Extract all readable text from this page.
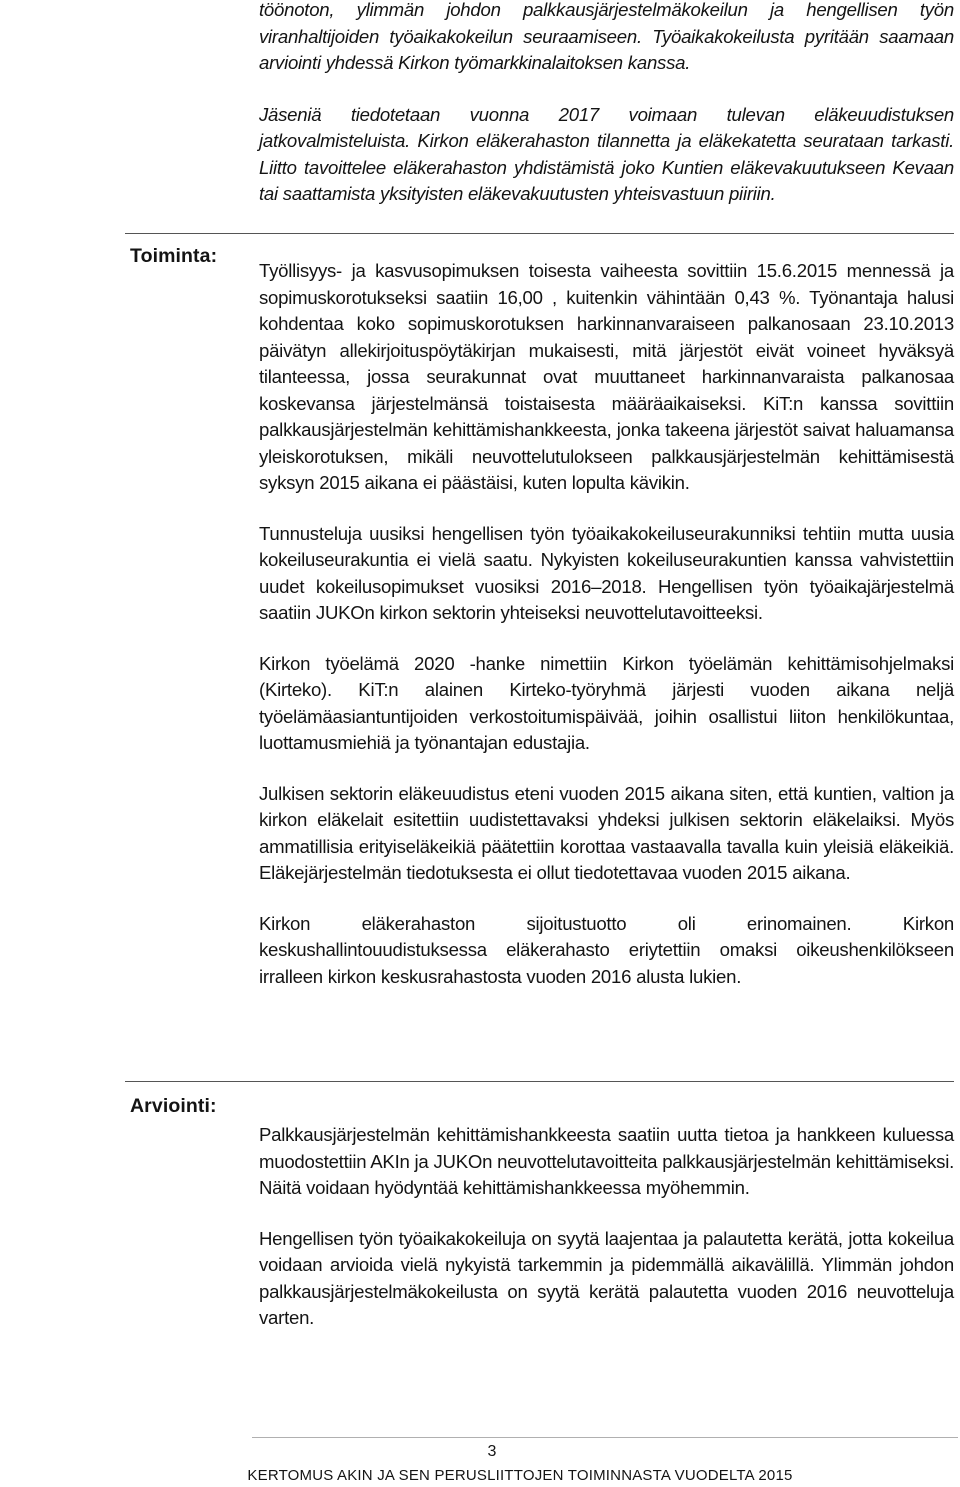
töönoton, ylimmän johdon palkkausjärjestelmäkokeilun ja hengellisen työn viranhaltijoiden työaikakokeilun seuraamiseen. Työaikakokeilusta pyritään saamaan arviointi yhdessä Kirkon työmarkkinalaitoksen kanssa.

Jäseniä tiedotetaan vuonna 2017 voimaan tulevan eläkeuudistuksen jatkovalmisteluista. Kirkon eläkerahaston tilannetta ja eläkekatetta seurataan tarkasti. Liitto tavoittelee eläkerahaston yhdistämistä joko Kuntien eläkevakuutukseen Kevaan tai saattamista yksityisten eläkevakuutusten yhteisvastuun piiriin.

Toiminta:

Työllisyys- ja kasvusopimuksen toisesta vaiheesta sovittiin 15.6.2015 mennessä ja sopimuskorotukseksi saatiin 16,00 , kuitenkin vähintään 0,43 %. Työnantaja halusi kohdentaa koko sopimuskorotuksen harkinnanvaraiseen palkanosaan 23.10.2013 päivätyn allekirjoituspöytäkirjan mukaisesti, mitä järjestöt eivät voineet hyväksyä tilanteessa, jossa seurakunnat ovat muuttaneet harkinnanvaraista palkanosaa koskevansa järjestelmänsä toistaisesta määräaikaiseksi. KiT:n kanssa sovittiin palkkausjärjestelmän kehittämishankkeesta, jonka takeena järjestöt saivat haluamansa yleiskorotuksen, mikäli neuvottelutulokseen palkkausjärjestelmän kehittämisestä syksyn 2015 aikana ei päästäisi, kuten lopulta kävikin.

Tunnusteluja uusiksi hengellisen työn työaikakokeiluseurakunniksi tehtiin mutta uusia kokeiluseurakuntia ei vielä saatu. Nykyisten kokeiluseurakuntien kanssa vahvistettiin uudet kokeilusopimukset vuosiksi 2016–2018. Hengellisen työn työaikajärjestelmä saatiin JUKOn kirkon sektorin yhteiseksi neuvottelutavoitteeksi.

Kirkon työelämä 2020 -hanke nimettiin Kirkon työelämän kehittämisohjelmaksi (Kirteko). KiT:n alainen Kirteko-työryhmä järjesti vuoden aikana neljä työelämäasiantuntijoiden verkostoitumispäivää, joihin osallistui liiton henkilökuntaa, luottamusmiehiä ja työnantajan edustajia.

Julkisen sektorin eläkeuudistus eteni vuoden 2015 aikana siten, että kuntien, valtion ja kirkon eläkelait esitettiin uudistettavaksi yhdeksi julkisen sektorin eläkelaiksi. Myös ammatillisia erityiseläkeikiä päätettiin korottaa vastaavalla tavalla kuin yleisiä eläkeikiä. Eläkejärjestelmän tiedotuksesta ei ollut tiedotettavaa vuoden 2015 aikana.

Kirkon eläkerahaston sijoitustuotto oli erinomainen. Kirkon keskushallintouudistuksessa eläkerahasto eriytettiin omaksi oikeushenkilökseen irralleen kirkon keskusrahastosta vuoden 2016 alusta lukien.

Arviointi:

Palkkausjärjestelmän kehittämishankkeesta saatiin uutta tietoa ja hankkeen kuluessa muodostettiin AKIn ja JUKOn neuvottelutavoitteita palkkausjärjestelmän kehittämiseksi. Näitä voidaan hyödyntää kehittämishankkeessa myöhemmin.

Hengellisen työn työaikakokeiluja on syytä laajentaa ja palautetta kerätä, jotta kokeilua voidaan arvioida vielä nykyistä tarkemmin ja pidemmällä aikavälillä. Ylimmän johdon palkkausjärjestelmäkokeilusta on syytä kerätä palautetta vuoden 2016 neuvotteluja varten.

3
KERTOMUS AKIN JA SEN PERUSLIITTOJEN TOIMINNASTA VUODELTA 2015
